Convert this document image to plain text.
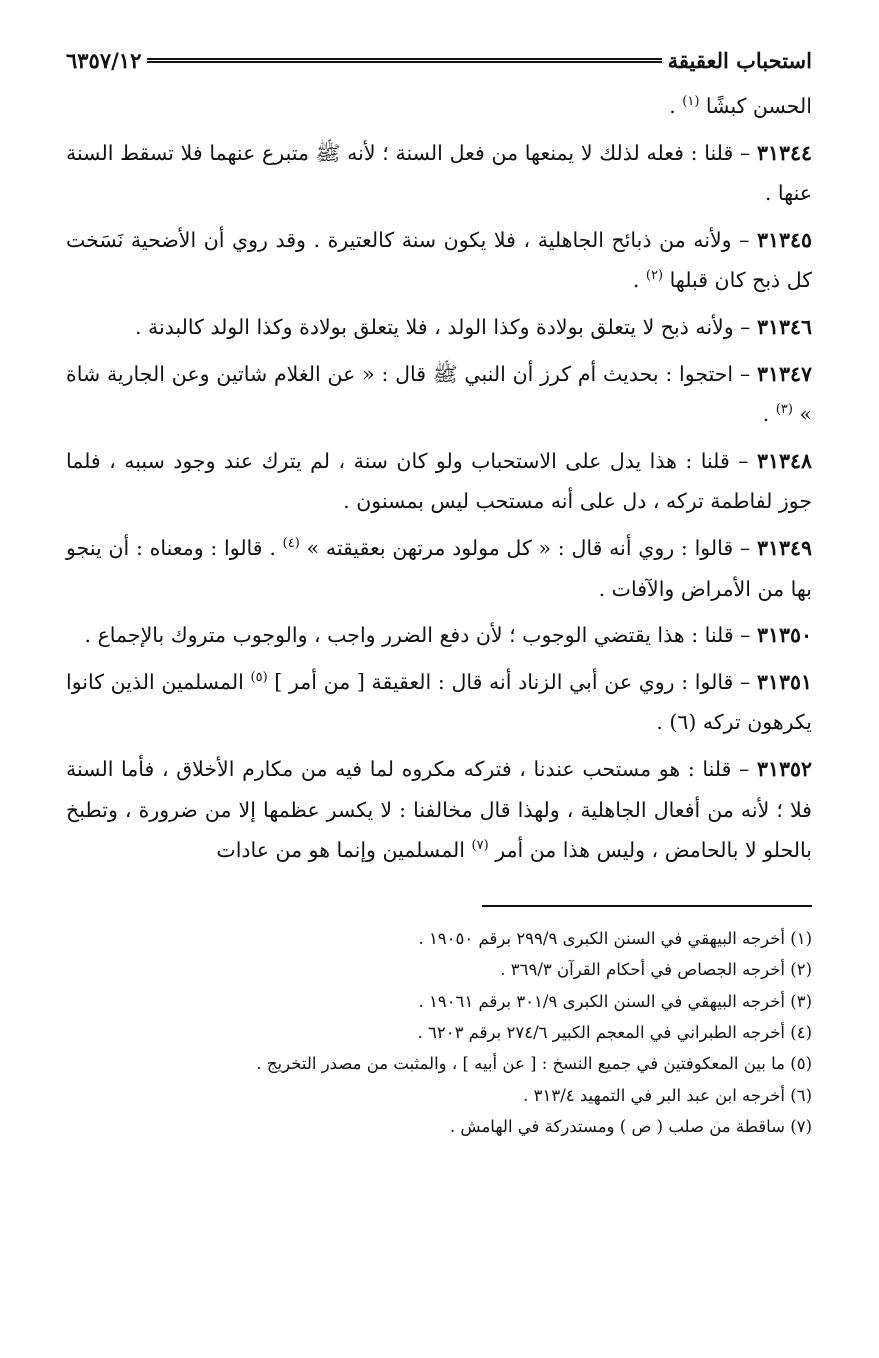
استحباب العقيقة
٦٣٥٧/١٢

الحسن كبشًا $^{(١)}$ .

٣١٣٤٤ – قلنا : فعله لذلك لا يمنعها من فعل السنة ؛ لأنه ﷺ متبرع عنهما فلا تسقط السنة عنها .

٣١٣٤٥ – ولأنه من ذبائح الجاهلية ، فلا يكون سنة كالعتيرة . وقد روي أن الأضحية نَسَخت كل ذبح كان قبلها $^{(٢)}$ .

٣١٣٤٦ – ولأنه ذبح لا يتعلق بولادة وكذا الولد ، فلا يتعلق بولادة وكذا الولد كالبدنة .

٣١٣٤٧ – احتجوا : بحديث أم كرز أن النبي ﷺ قال : « عن الغلام شاتين وعن الجارية شاة » $^{(٣)}$ .

٣١٣٤٨ – قلنا : هذا يدل على الاستحباب ولو كان سنة ، لم يترك عند وجود سببه ، فلما جوز لفاطمة تركه ، دل على أنه مستحب ليس بمسنون .

٣١٣٤٩ – قالوا : روي أنه قال : « كل مولود مرتهن بعقيقته » $^{(٤)}$ . قالوا : ومعناه : أن ينجو بها من الأمراض والآفات .

٣١٣٥٠ – قلنا : هذا يقتضي الوجوب ؛ لأن دفع الضرر واجب ، والوجوب متروك بالإجماع .

٣١٣٥١ – قالوا : روي عن أبي الزناد أنه قال : العقيقة [ من أمر ] $^{(٥)}$ المسلمين الذين كانوا يكرهون تركه (٦) .

٣١٣٥٢ – قلنا : هو مستحب عندنا ، فتركه مكروه لما فيه من مكارم الأخلاق ، فأما السنة فلا ؛ لأنه من أفعال الجاهلية ، ولهذا قال مخالفنا : لا يكسر عظمها إلا من ضرورة ، وتطبخ بالحلو لا بالحامض ، وليس هذا من أمر $^{(٧)}$ المسلمين وإنما هو من عادات

(١) أخرجه البيهقي في السنن الكبرى ٢٩٩/٩ برقم ١٩٠٥٠ .

(٢) أخرجه الجصاص في أحكام القرآن ٣٦٩/٣ .

(٣) أخرجه البيهقي في السنن الكبرى ٣٠١/٩ برقم ١٩٠٦١ .

(٤) أخرجه الطبراني في المعجم الكبير ٢٧٤/٦ برقم ٦٢٠٣ .

(٥) ما بين المعكوفتين في جميع النسخ : [ عن أبيه ] ، والمثبت من مصدر التخريج .

(٦) أخرجه ابن عبد البر في التمهيد ٣١٣/٤ .

(٧) ساقطة من صلب ( ص ) ومستدركة في الهامش .
